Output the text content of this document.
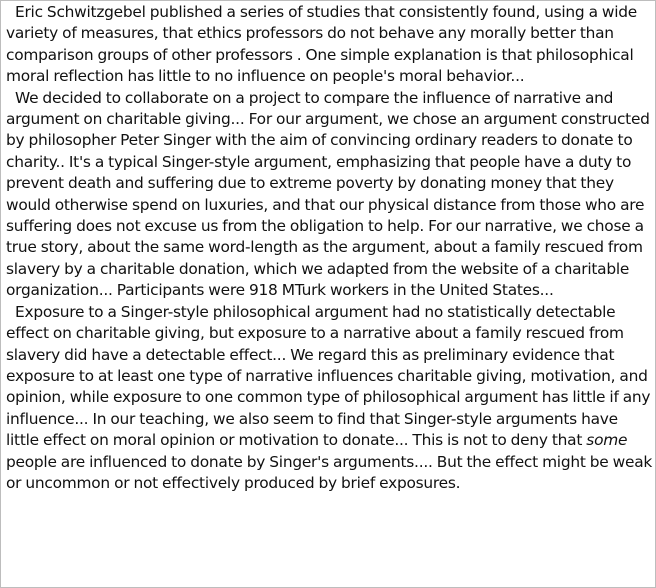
Eric Schwitzgebel published a series of studies that consistently found, using a wide variety of measures, that ethics professors do not behave any morally better than comparison groups of other professors . One simple explanation is that philosophical moral reflection has little to no influence on people's moral behavior...

We decided to collaborate on a project to compare the influence of narrative and argument on charitable giving... For our argument, we chose an argument constructed by philosopher Peter Singer with the aim of convincing ordinary readers to donate to charity.. It's a typical Singer-style argument, emphasizing that people have a duty to prevent death and suffering due to extreme poverty by donating money that they would otherwise spend on luxuries, and that our physical distance from those who are suffering does not excuse us from the obligation to help. For our narrative, we chose a true story, about the same word-length as the argument, about a family rescued from slavery by a charitable donation, which we adapted from the website of a charitable organization... Participants were 918 MTurk workers in the United States...

Exposure to a Singer-style philosophical argument had no statistically detectable effect on charitable giving, but exposure to a narrative about a family rescued from slavery did have a detectable effect... We regard this as preliminary evidence that exposure to at least one type of narrative influences charitable giving, motivation, and opinion, while exposure to one common type of philosophical argument has little if any influence... In our teaching, we also seem to find that Singer-style arguments have little effect on moral opinion or motivation to donate... This is not to deny that some people are influenced to donate by Singer's arguments.... But the effect might be weak or uncommon or not effectively produced by brief exposures.
